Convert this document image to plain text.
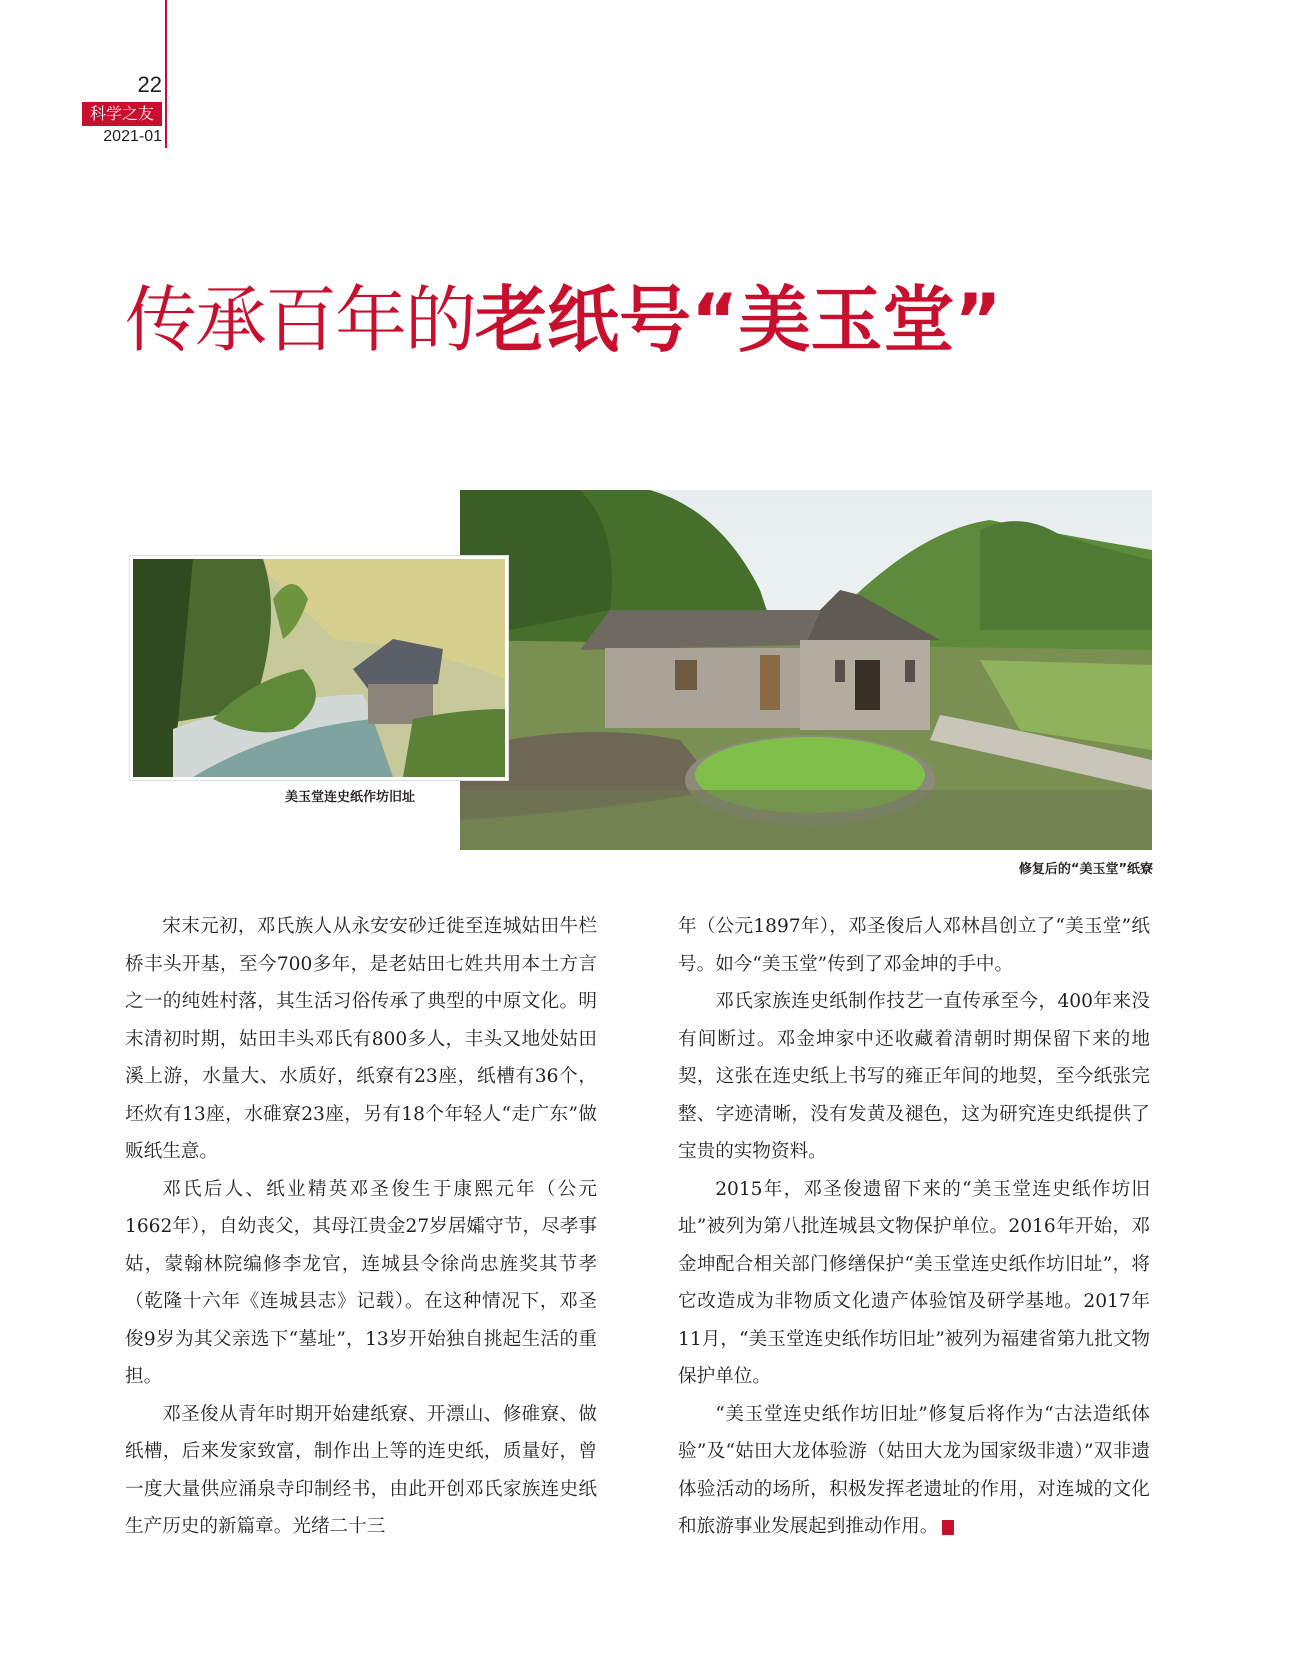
22
科学之友
2021-01
传承百年的老纸号“美玉堂”
美玉堂连史纸作坊旧址
修复后的“美玉堂”纸寮

宋末元初，邓氏族人从永安安砂迁徙至连城姑田牛栏桥丰头开基，至今700多年，是老姑田七姓共用本土方言之一的纯姓村落，其生活习俗传承了典型的中原文化。明末清初时期，姑田丰头邓氏有800多人，丰头又地处姑田溪上游，水量大、水质好，纸寮有23座，纸槽有36个，坯炊有13座，水碓寮23座，另有18个年轻人“走广东”做贩纸生意。

邓氏后人、纸业精英邓圣俊生于康熙元年（公元1662年），自幼丧父，其母江贵金27岁居孀守节，尽孝事姑，蒙翰林院编修李龙官，连城县令徐尚忠旌奖其节孝（乾隆十六年《连城县志》记载）。在这种情况下，邓圣俊9岁为其父亲选下“墓址”，13岁开始独自挑起生活的重担。

邓圣俊从青年时期开始建纸寮、开漂山、修碓寮、做纸槽，后来发家致富，制作出上等的连史纸，质量好，曾一度大量供应涌泉寺印制经书，由此开创邓氏家族连史纸生产历史的新篇章。光绪二十三

年（公元1897年），邓圣俊后人邓林昌创立了“美玉堂”纸号。如今“美玉堂”传到了邓金坤的手中。

邓氏家族连史纸制作技艺一直传承至今，400年来没有间断过。邓金坤家中还收藏着清朝时期保留下来的地契，这张在连史纸上书写的雍正年间的地契，至今纸张完整、字迹清晰，没有发黄及褪色，这为研究连史纸提供了宝贵的实物资料。

2015年，邓圣俊遗留下来的“美玉堂连史纸作坊旧址”被列为第八批连城县文物保护单位。2016年开始，邓金坤配合相关部门修缮保护“美玉堂连史纸作坊旧址”，将它改造成为非物质文化遗产体验馆及研学基地。2017年11月，“美玉堂连史纸作坊旧址”被列为福建省第九批文物保护单位。

“美玉堂连史纸作坊旧址”修复后将作为“古法造纸体验”及“姑田大龙体验游（姑田大龙为国家级非遗）”双非遗体验活动的场所，积极发挥老遗址的作用，对连城的文化和旅游事业发展起到推动作用。	S
